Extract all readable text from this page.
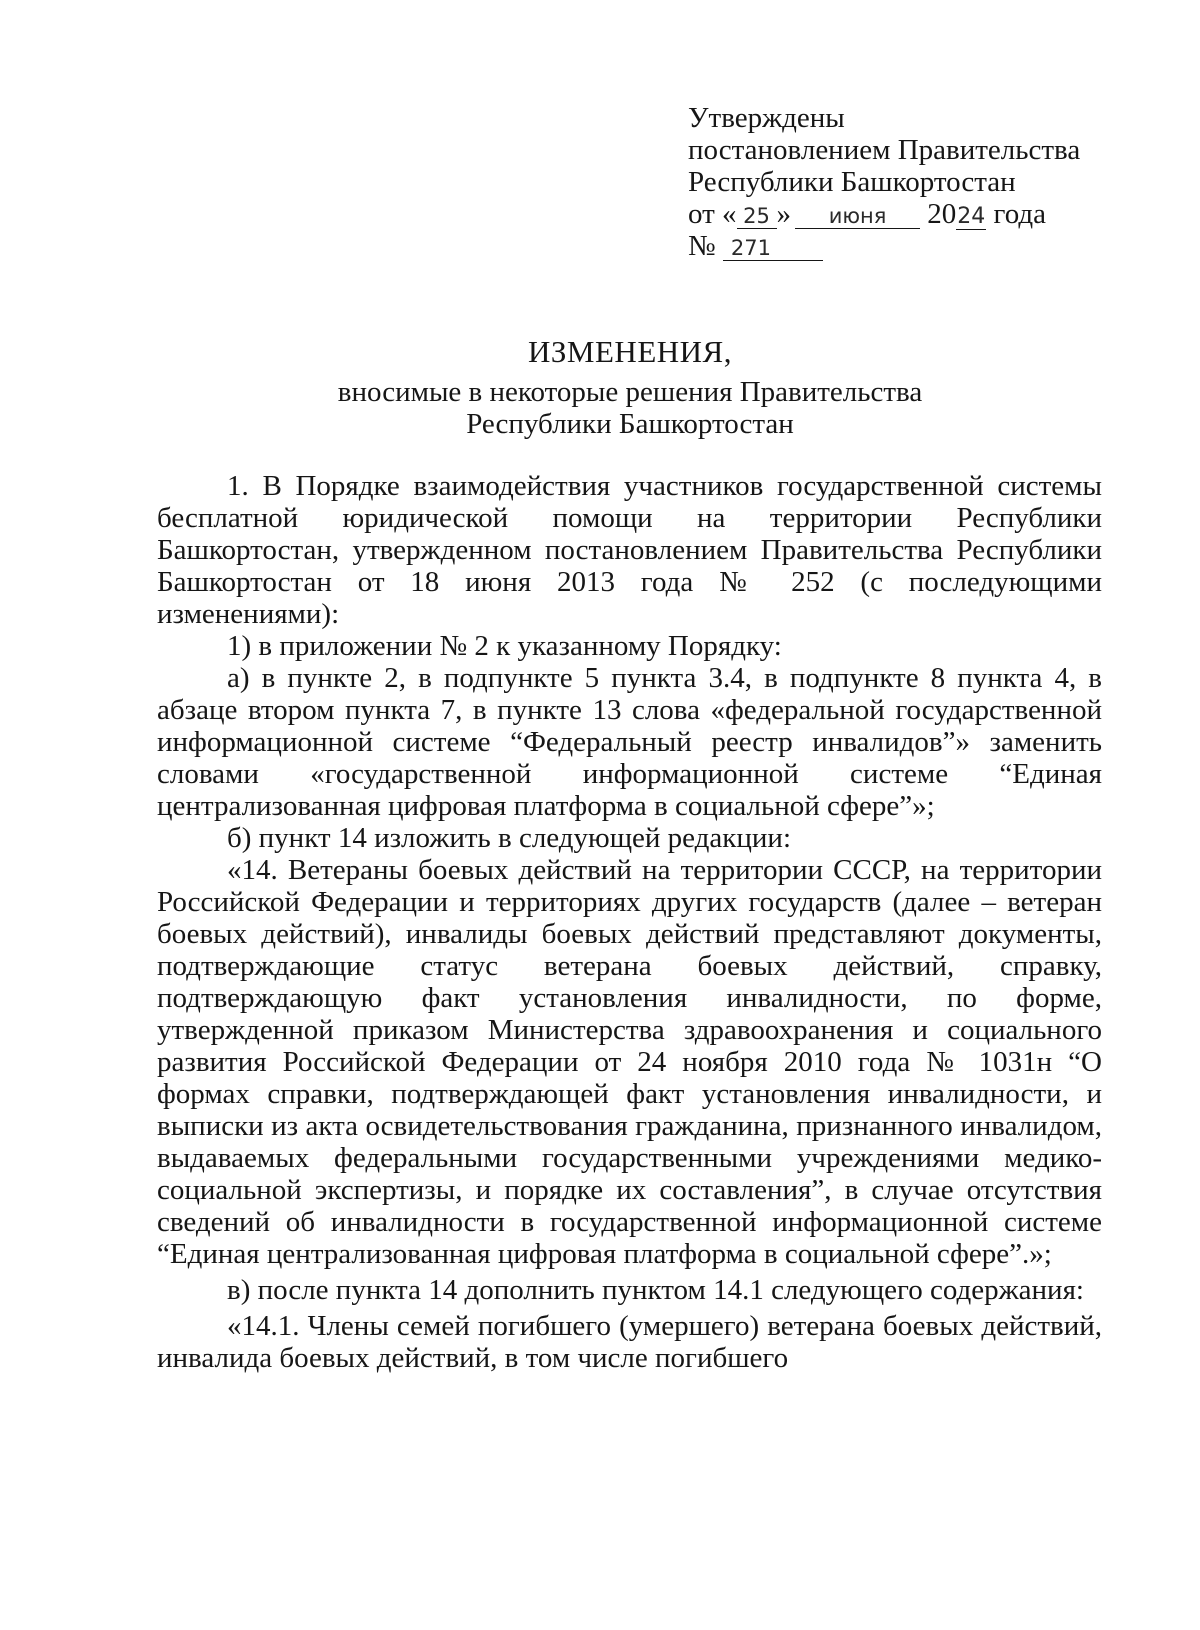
Утверждены
постановлением Правительства
Республики Башкортостан
от « 25 » июня 2024 года
№ 271
ИЗМЕНЕНИЯ,
вносимые в некоторые решения Правительства
Республики Башкортостан

1. В Порядке взаимодействия участников государственной системы бесплатной юридической помощи на территории Республики Башкортостан, утвержденном постановлением Правительства Республики Башкортостан от 18 июня 2013 года № 252 (с последующими изменениями):

1) в приложении № 2 к указанному Порядку:

а) в пункте 2, в подпункте 5 пункта 3.4, в подпункте 8 пункта 4, в абзаце втором пункта 7, в пункте 13 слова «федеральной государственной информационной системе “Федеральный реестр инвалидов”» заменить словами «государственной информационной системе “Единая централизованная цифровая платформа в социальной сфере”»;

б) пункт 14 изложить в следующей редакции:

«14. Ветераны боевых действий на территории СССР, на территории Российской Федерации и территориях других государств (далее – ветеран боевых действий), инвалиды боевых действий представляют документы, подтверждающие статус ветерана боевых действий, справку, подтверждающую факт установления инвалидности, по форме, утвержденной приказом Министерства здравоохранения и социального развития Российской Федерации от 24 ноября 2010 года № 1031н “О формах справки, подтверждающей факт установления инвалидности, и выписки из акта освидетельствования гражданина, признанного инвалидом, выдаваемых федеральными государственными учреждениями медико-социальной экспертизы, и порядке их составления”, в случае отсутствия сведений об инвалидности в государственной информационной системе “Единая централизованная цифровая платформа в социальной сфере”.»;

в) после пункта 14 дополнить пунктом 14.1 следующего содержания:

«14.1. Члены семей погибшего (умершего) ветерана боевых действий, инвалида боевых действий, в том числе погибшего
